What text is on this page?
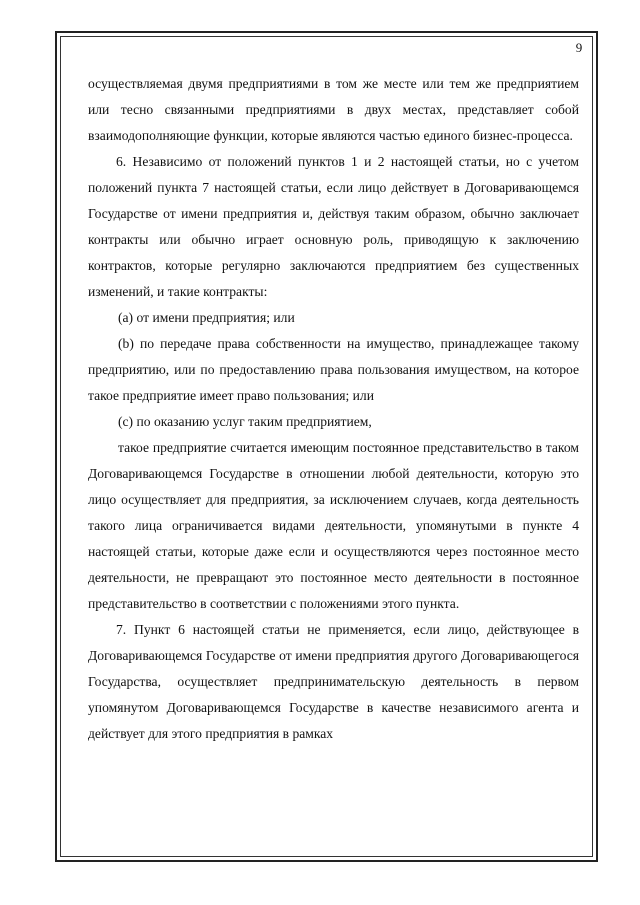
9

осуществляемая двумя предприятиями в том же месте или тем же предприятием или тесно связанными предприятиями в двух местах, представляет собой взаимодополняющие функции, которые являются частью единого бизнес-процесса.

6. Независимо от положений пунктов 1 и 2 настоящей статьи, но с учетом положений пункта 7 настоящей статьи, если лицо действует в Договаривающемся Государстве от имени предприятия и, действуя таким образом, обычно заключает контракты или обычно играет основную роль, приводящую к заключению контрактов, которые регулярно заключаются предприятием без существенных изменений, и такие контракты:

(a) от имени предприятия; или

(b) по передаче права собственности на имущество, принадлежащее такому предприятию, или по предоставлению права пользования имуществом, на которое такое предприятие имеет право пользования; или

(c) по оказанию услуг таким предприятием,

такое предприятие считается имеющим постоянное представительство в таком Договаривающемся Государстве в отношении любой деятельности, которую это лицо осуществляет для предприятия, за исключением случаев, когда деятельность такого лица ограничивается видами деятельности, упомянутыми в пункте 4 настоящей статьи, которые даже если и осуществляются через постоянное место деятельности, не превращают это постоянное место деятельности в постоянное представительство в соответствии с положениями этого пункта.

7. Пункт 6 настоящей статьи не применяется, если лицо, действующее в Договаривающемся Государстве от имени предприятия другого Договаривающегося Государства, осуществляет предпринимательскую деятельность в первом упомянутом Договаривающемся Государстве в качестве независимого агента и действует для этого предприятия в рамках
